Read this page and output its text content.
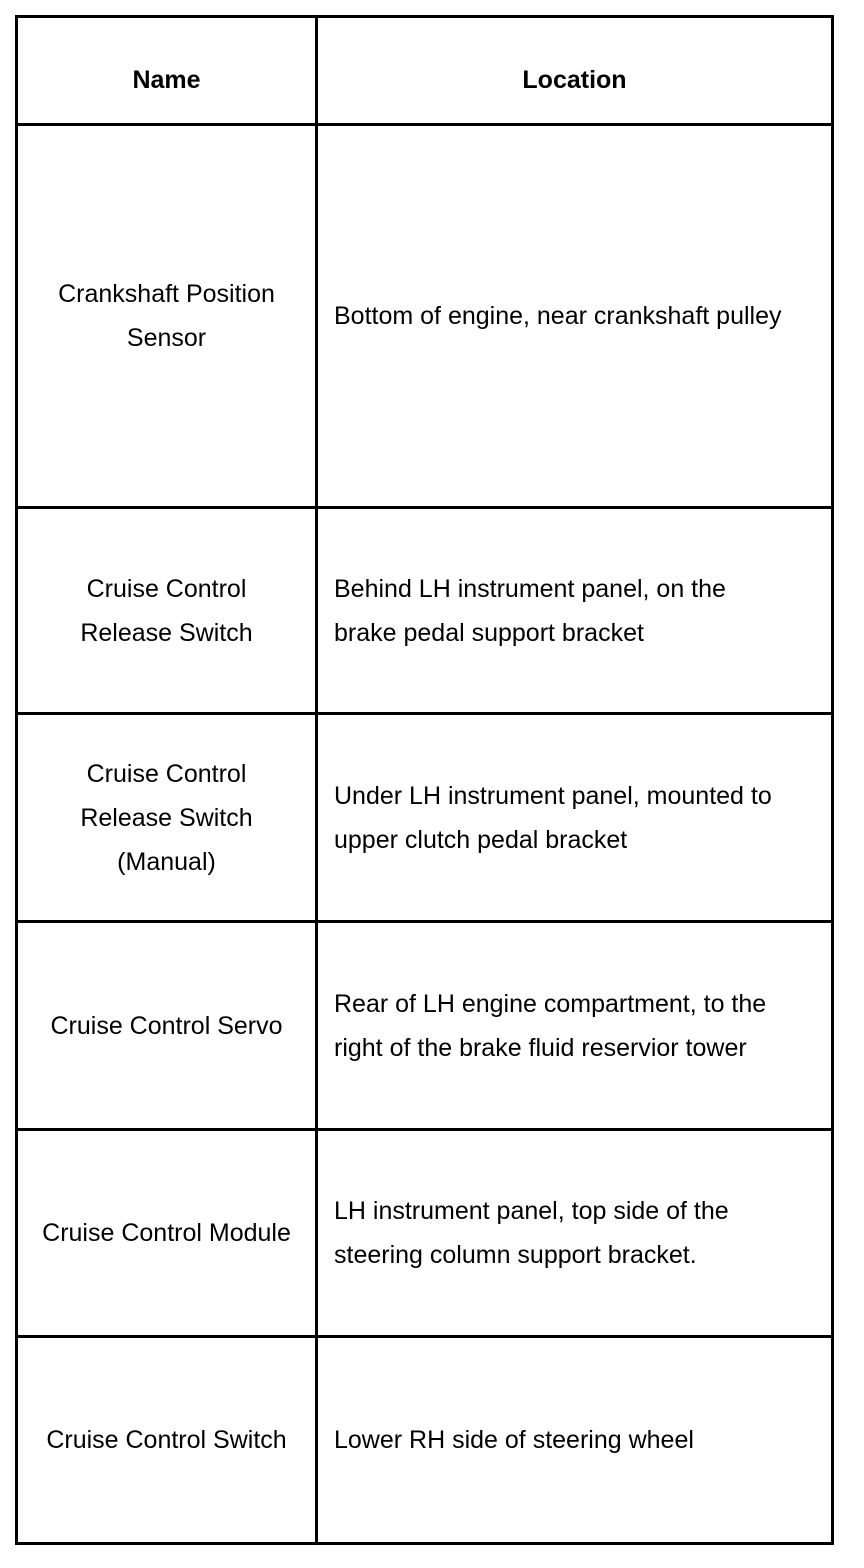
Name	Location
Crankshaft Position Sensor	Bottom of engine, near crankshaft pulley
Cruise Control Release Switch	Behind LH instrument panel, on the brake pedal support bracket
Cruise Control Release Switch (Manual)	Under LH instrument panel, mounted to upper clutch pedal bracket
Cruise Control Servo	Rear of LH engine compartment, to the right of the brake fluid reservior tower
Cruise Control Module	LH instrument panel, top side of the steering column support bracket.
Cruise Control Switch	Lower RH side of steering wheel
